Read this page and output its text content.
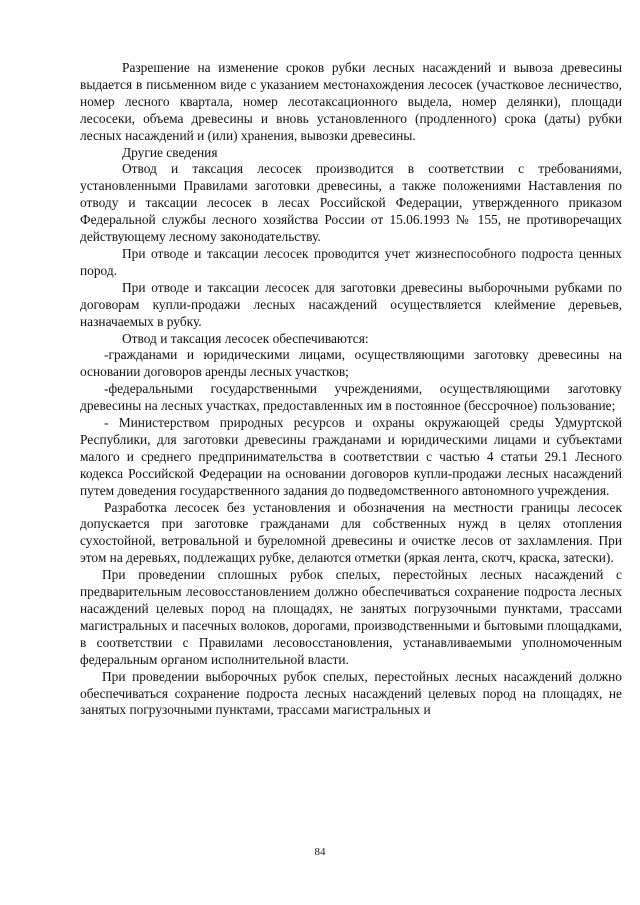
Разрешение на изменение сроков рубки лесных насаждений и вывоза древесины выдается в письменном виде с указанием местонахождения лесосек (участковое лесничество, номер лесного квартала, номер лесотаксационного выдела, номер делянки), площади лесосеки, объема древесины и вновь установленного (продленного) срока (даты) рубки лесных насаждений и (или) хранения, вывозки древесины.

Другие сведения

Отвод и таксация лесосек производится в соответствии с требованиями, установленными Правилами заготовки древесины, а также положениями Наставления по отводу и таксации лесосек в лесах Российской Федерации, утвержденного приказом Федеральной службы лесного хозяйства России от 15.06.1993 № 155, не противоречащих действующему лесному законодательству.

При отводе и таксации лесосек проводится учет жизнеспособного подроста ценных пород.

При отводе и таксации лесосек для заготовки древесины выборочными рубками по договорам купли-продажи лесных насаждений осуществляется клеймение деревьев, назначаемых в рубку.

Отвод и таксация лесосек обеспечиваются:

-гражданами и юридическими лицами, осуществляющими заготовку древесины на основании договоров аренды лесных участков;

-федеральными государственными учреждениями, осуществляющими заготовку древесины на лесных участках, предоставленных им в постоянное (бессрочное) пользование;

- Министерством природных ресурсов и охраны окружающей среды Удмуртской Республики, для заготовки древесины гражданами и юридическими лицами и субъектами малого и среднего предпринимательства в соответствии с частью 4 статьи 29.1 Лесного кодекса Российской Федерации на основании договоров купли-продажи лесных насаждений путем доведения государственного задания до подведомственного автономного учреждения.

Разработка лесосек без установления и обозначения на местности границы лесосек допускается при заготовке гражданами для собственных нужд в целях отопления сухостойной, ветровальной и буреломной древесины и очистке лесов от захламления. При этом на деревьях, подлежащих рубке, делаются отметки (яркая лента, скотч, краска, затески).

При проведении сплошных рубок спелых, перестойных лесных насаждений с предварительным лесовосстановлением должно обеспечиваться сохранение подроста лесных насаждений целевых пород на площадях, не занятых погрузочными пунктами, трассами магистральных и пасечных волоков, дорогами, производственными и бытовыми площадками, в соответствии с Правилами лесовосстановления, устанавливаемыми уполномоченным федеральным органом исполнительной власти.

При проведении выборочных рубок спелых, перестойных лесных насаждений должно обеспечиваться сохранение подроста лесных насаждений целевых пород на площадях, не занятых погрузочными пунктами, трассами магистральных и

84
